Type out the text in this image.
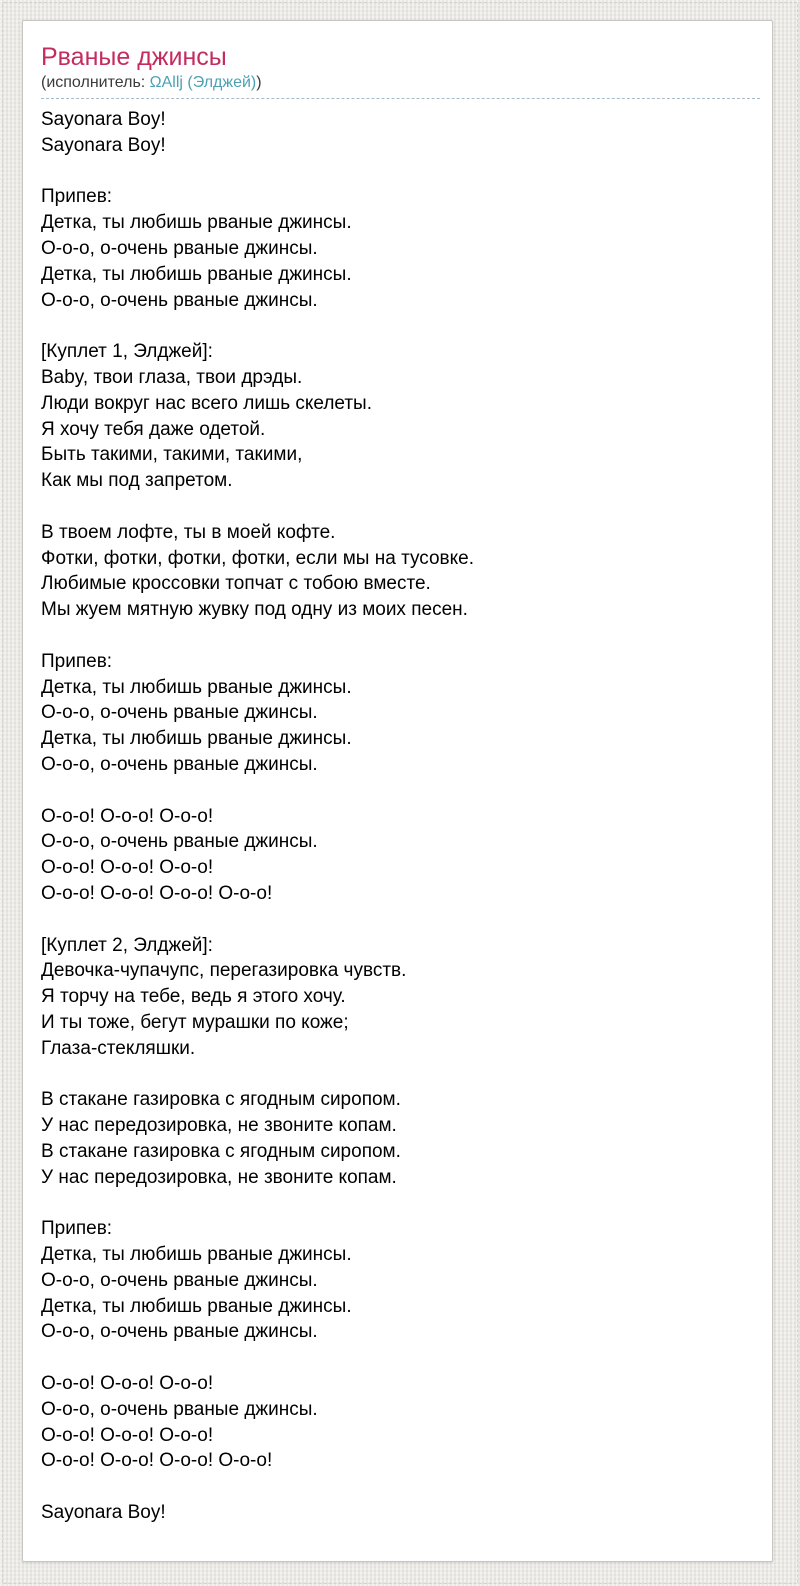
Рваные джинсы
(исполнитель: ΩAllj (Элджей))
Sayonara Boy!
Sayonara Boy!
Припев:
Детка, ты любишь рваные джинсы.
О-о-о, о-очень рваные джинсы.
Детка, ты любишь рваные джинсы.
О-о-о, о-очень рваные джинсы.
[Куплет 1, Элджей]:
Baby, твои глаза, твои дрэды.
Люди вокруг нас всего лишь скелеты.
Я хочу тебя даже одетой.
Быть такими, такими, такими,
Как мы под запретом.
В твоем лофте, ты в моей кофте.
Фотки, фотки, фотки, фотки, если мы на тусовке.
Любимые кроссовки топчат с тобою вместе.
Мы жуем мятную жувку под одну из моих песен.
Припев:
Детка, ты любишь рваные джинсы.
О-о-о, о-очень рваные джинсы.
Детка, ты любишь рваные джинсы.
О-о-о, о-очень рваные джинсы.
О-о-о! О-о-о! О-о-о!
О-о-о, о-очень рваные джинсы.
О-о-о! О-о-о! О-о-о!
О-о-о! О-о-о! О-о-о! О-о-о!
[Куплет 2, Элджей]:
Девочка-чупачупс, перегазировка чувств.
Я торчу на тебе, ведь я этого хочу.
И ты тоже, бегут мурашки по коже;
Глаза-стекляшки.
В стакане газировка с ягодным сиропом.
У нас передозировка, не звоните копам.
В стакане газировка с ягодным сиропом.
У нас передозировка, не звоните копам.
Припев:
Детка, ты любишь рваные джинсы.
О-о-о, о-очень рваные джинсы.
Детка, ты любишь рваные джинсы.
О-о-о, о-очень рваные джинсы.
О-о-о! О-о-о! О-о-о!
О-о-о, о-очень рваные джинсы.
О-о-о! О-о-о! О-о-о!
О-о-о! О-о-о! О-о-о! О-о-о!
Sayonara Boy!
